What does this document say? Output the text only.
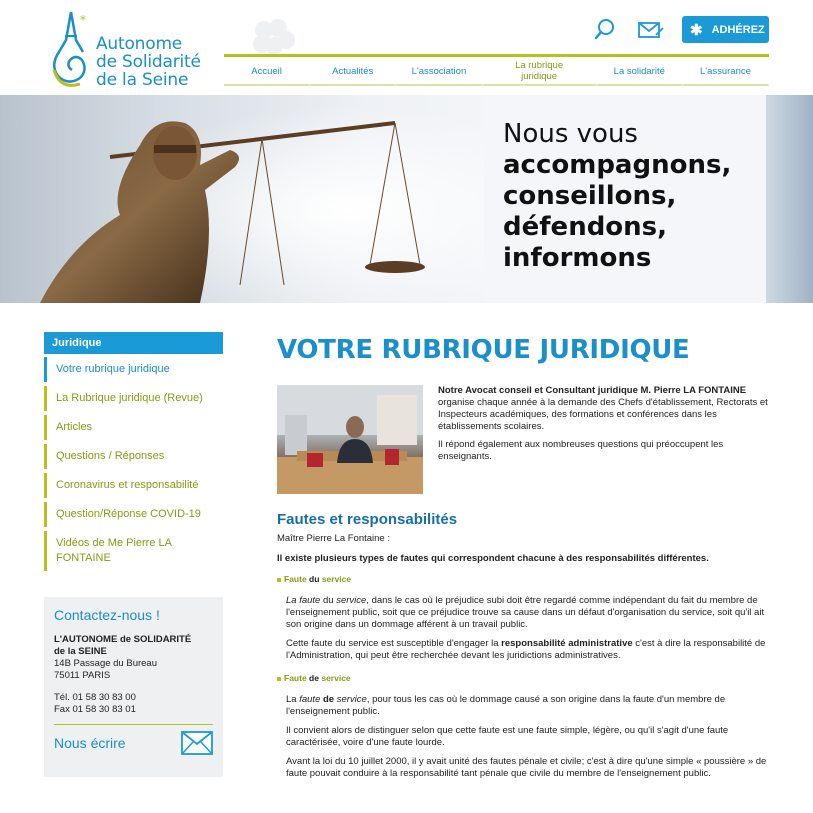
*
Autonome
de Solidarité
de la Seine
✱ ADHÉREZ
Accueil	Actualités	L'association	La rubrique juridique	La solidarité	L'assurance
Nous vous
accompagnons,
conseillons,
défendons,
informons
Juridique
Votre rubrique juridique
La Rubrique juridique (Revue)
Articles
Questions / Réponses
Coronavirus et responsabilité
Question/Réponse COVID-19
Vidéos de Me Pierre LA FONTAINE
Contactez-nous !
L'AUTONOME de SOLIDARITÉ
de la SEINE
14B Passage du Bureau
75011 PARIS
Tél. 01 58 30 83 00
Fax 01 58 30 83 01
Nous écrire
VOTRE RUBRIQUE JURIDIQUE

Notre Avocat conseil et Consultant juridique M. Pierre LA FONTAINE organise chaque année à la demande des Chefs d'établissement, Rectorats et Inspecteurs académiques, des formations et conférences dans les établissements scolaires.

Il répond également aux nombreuses questions qui préoccupent les enseignants.

Fautes et responsabilités
Maître Pierre La Fontaine :
Il existe plusieurs types de fautes qui correspondent chacune à des responsabilités différentes.
Faute du service
La faute du service, dans le cas où le préjudice subi doit être regardé comme indépendant du fait du membre de l'enseignement public, soit que ce préjudice trouve sa cause dans un défaut d'organisation du service, soit qu'il ait son origine dans un dommage afférent à un travail public.
Cette faute du service est susceptible d'engager la responsabilité administrative c'est à dire la responsabilité de l'Administration, qui peut être recherchée devant les juridictions administratives.
Faute de service
La faute de service, pour tous les cas où le dommage causé a son origine dans la faute d'un membre de l'enseignement public.
Il convient alors de distinguer selon que cette faute est une faute simple, légère, ou qu'il s'agit d'une faute caractérisée, voire d'une faute lourde.
Avant la loi du 10 juillet 2000, il y avait unité des fautes pénale et civile; c'est à dire qu'une simple « poussière » de faute pouvait conduire à la responsabilité tant pénale que civile du membre de l'enseignement public.
